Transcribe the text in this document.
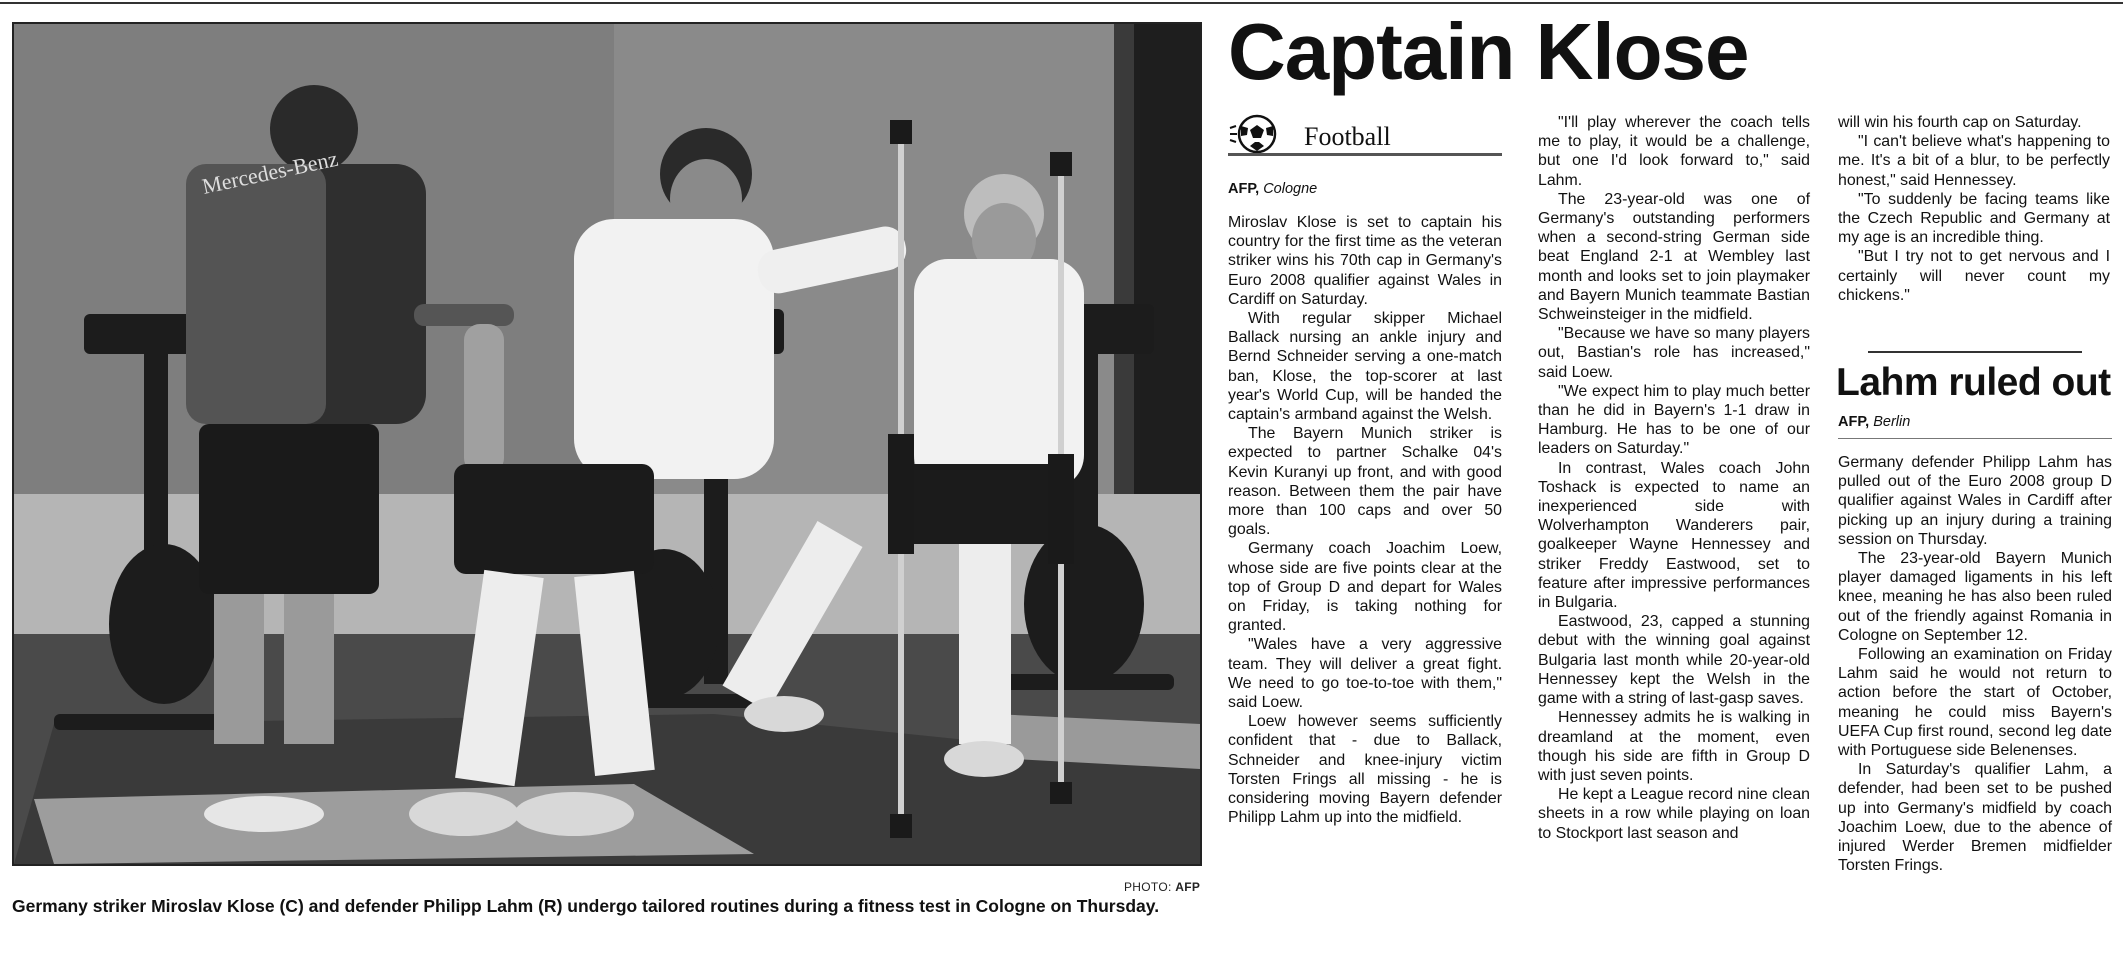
Mercedes-Benz
PHOTO: AFP
Germany striker Miroslav Klose (C) and defender Philipp Lahm (R) undergo tailored routines during a fitness test in Cologne on Thursday.
Captain Klose
Football
AFP, Cologne

Miroslav Klose is set to captain his country for the first time as the veteran striker wins his 70th cap in Germany's Euro 2008 qualifier against Wales in Cardiff on Saturday.

With regular skipper Michael Ballack nursing an ankle injury and Bernd Schneider serving a one-match ban, Klose, the top-scorer at last year's World Cup, will be handed the captain's armband against the Welsh.

The Bayern Munich striker is expected to partner Schalke 04's Kevin Kuranyi up front, and with good reason. Between them the pair have more than 100 caps and over 50 goals.

Germany coach Joachim Loew, whose side are five points clear at the top of Group D and depart for Wales on Friday, is taking nothing for granted.

"Wales have a very aggressive team. They will deliver a great fight. We need to go toe-to-toe with them," said Loew.

Loew however seems sufficiently confident that - due to Ballack, Schneider and knee-injury victim Torsten Frings all missing - he is considering moving Bayern defender Philipp Lahm up into the midfield.

"I'll play wherever the coach tells me to play, it would be a challenge, but one I'd look forward to," said Lahm.

The 23-year-old was one of Germany's outstanding performers when a second-string German side beat England 2-1 at Wembley last month and looks set to join playmaker and Bayern Munich teammate Bastian Schweinsteiger in the midfield.

"Because we have so many players out, Bastian's role has increased," said Loew.

"We expect him to play much better than he did in Bayern's 1-1 draw in Hamburg. He has to be one of our leaders on Saturday."

In contrast, Wales coach John Toshack is expected to name an inexperienced side with Wolverhampton Wanderers pair, goalkeeper Wayne Hennessey and striker Freddy Eastwood, set to feature after impressive performances in Bulgaria.

Eastwood, 23, capped a stunning debut with the winning goal against Bulgaria last month while 20-year-old Hennessey kept the Welsh in the game with a string of last-gasp saves.

Hennessey admits he is walking in dreamland at the moment, even though his side are fifth in Group D with just seven points.

He kept a League record nine clean sheets in a row while playing on loan to Stockport last season and

will win his fourth cap on Saturday.

"I can't believe what's happening to me. It's a bit of a blur, to be perfectly honest," said Hennessey.

"To suddenly be facing teams like the Czech Republic and Germany at my age is an incredible thing.

"But I try not to get nervous and I certainly will never count my chickens."

Lahm ruled out
AFP, Berlin

Germany defender Philipp Lahm has pulled out of the Euro 2008 group D qualifier against Wales in Cardiff after picking up an injury during a training session on Thursday.

The 23-year-old Bayern Munich player damaged ligaments in his left knee, meaning he has also been ruled out of the friendly against Romania in Cologne on September 12.

Following an examination on Friday Lahm said he would not return to action before the start of October, meaning he could miss Bayern's UEFA Cup first round, second leg date with Portuguese side Belenenses.

In Saturday's qualifier Lahm, a defender, had been set to be pushed up into Germany's midfield by coach Joachim Loew, due to the abence of injured Werder Bremen midfielder Torsten Frings.
